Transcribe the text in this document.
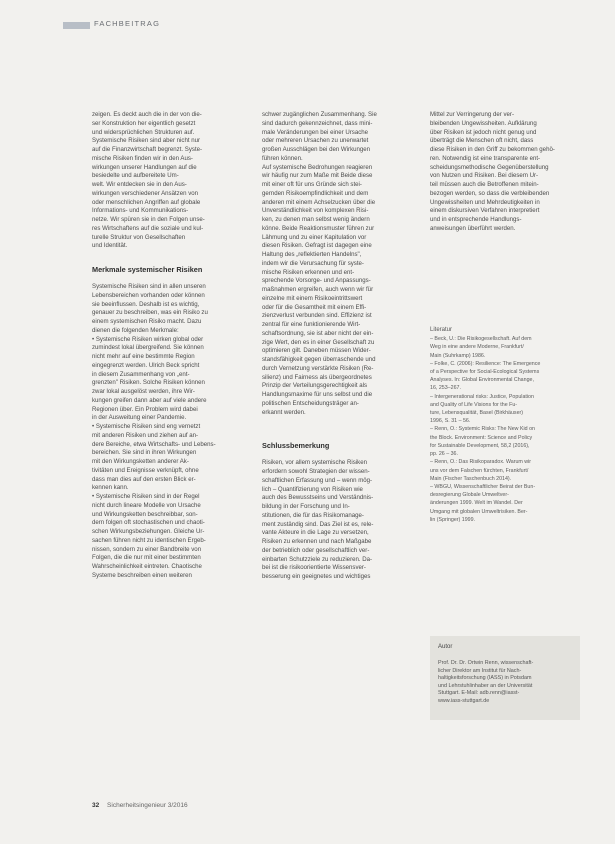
FACHBEITRAG

zeigen. Es deckt auch die in der von die-

ser Konstruktion her eigentlich gesetzt

und widersprüchlichen Strukturen auf.

Systemische Risiken sind aber nicht nur

auf die Finanzwirtschaft begrenzt. Syste-

mische Risiken finden wir in den Aus-

wirkungen unserer Handlungen auf die

besiedelte und aufbereitete Um-

welt. Wir entdecken sie in den Aus-

wirkungen verschiedener Ansätzen von

oder menschlichen Angriffen auf globale

Informations- und Kommunikations-

netze. Wir spüren sie in den Folgen unse-

res Wirtschaftens auf die soziale und kul-

turelle Struktur von Gesellschaften

und Identität.

Merkmale systemischer Risiken

Systemische Risiken sind in allen unseren

Lebensbereichen vorhanden oder können

sie beeinflussen. Deshalb ist es wichtig,

genauer zu beschreiben, was ein Risiko zu

einem systemischen Risiko macht. Dazu

dienen die folgenden Merkmale:

• Systemische Risiken wirken global oder

zumindest lokal übergreifend. Sie können

nicht mehr auf eine bestimmte Region

eingegrenzt werden. Ulrich Beck spricht

in diesem Zusammenhang von „ent-

grenzten" Risiken. Solche Risiken können

zwar lokal ausgelöst werden, ihre Wir-

kungen greifen dann aber auf viele andere

Regionen über. Ein Problem wird dabei

in der Ausweitung einer Pandemie.

• Systemische Risiken sind eng vernetzt

mit anderen Risiken und ziehen auf an-

dere Bereiche, etwa Wirtschafts- und Lebens-

bereichen. Sie sind in ihren Wirkungen

mit den Wirkungsketten anderer Ak-

tivitäten und Ereignisse verknüpft, ohne

dass man dies auf den ersten Blick er-

kennen kann.

• Systemische Risiken sind in der Regel

nicht durch lineare Modelle von Ursache

und Wirkungsketten beschreibbar, son-

dern folgen oft stochastischen und chaoti-

schen Wirkungsbeziehungen. Gleiche Ur-

sachen führen nicht zu identischen Ergeb-

nissen, sondern zu einer Bandbreite von

Folgen, die die nur mit einer bestimmten

Wahrscheinlichkeit eintreten. Chaotische

Systeme beschreiben einen weiteren

schwer zugänglichen Zusammenhang. Sie

sind dadurch gekennzeichnet, dass mini-

male Veränderungen bei einer Ursache

oder mehreren Ursachen zu unerwartet

großen Ausschlägen bei den Wirkungen

führen können.

Auf systemische Bedrohungen reagieren

wir häufig nur zum Maße mit Beide diese

mit einer oft für uns Gründe sich stei-

gernden Risikoempfindlichkeit und dem

anderen mit einem Achselzucken über die

Unverständlichkeit von komplexen Risi-

ken, zu denen man selbst wenig ändern

könne. Beide Reaktionsmuster führen zur

Lähmung und zu einer Kapitulation vor

diesen Risiken. Gefragt ist dagegen eine

Haltung des „reflektierten Handelns",

indem wir die Verursachung für syste-

mische Risiken erkennen und ent-

sprechende Vorsorge- und Anpassungs-

maßnahmen ergreifen, auch wenn wir für

einzelne mit einem Risikoeintrittswert

oder für die Gesamtheit mit einem Effi-

zienzverlust verbunden sind. Effizienz ist

zentral für eine funktionierende Wirt-

schaftsordnung, sie ist aber nicht der ein-

zige Wert, den es in einer Gesellschaft zu

optimieren gilt. Daneben müssen Wider-

standsfähigkeit gegen überraschende und

durch Vernetzung verstärkte Risiken (Re-

silienz) und Fairness als übergeordnetes

Prinzip der Verteilungsgerechtigkeit als

Handlungsmaxime für uns selbst und die

politischen Entscheidungsträger an-

erkannt werden.

Schlussbemerkung

Risiken, vor allem systemische Risiken

erfordern sowohl Strategien der wissen-

schaftlichen Erfassung und – wenn mög-

lich – Quantifizierung von Risiken wie

auch des Bewusstseins und Verständnis-

bildung in der Forschung und In-

stitutionen, die für das Risikomanage-

ment zuständig sind. Das Ziel ist es, rele-

vante Akteure in die Lage zu versetzen,

Risiken zu erkennen und nach Maßgabe

der betrieblich oder gesellschaftlich ver-

einbarten Schutzziele zu reduzieren. Da-

bei ist die risikoorientierte Wissensver-

besserung ein geeignetes und wichtiges

Mittel zur Verringerung der ver-

bleibenden Ungewissheiten. Aufklärung

über Risiken ist jedoch nicht genug und

überträgt die Menschen oft nicht, dass

diese Risiken in den Griff zu bekommen gehö-

ren. Notwendig ist eine transparente ent-

scheidungsmethodische Gegenüberstellung

von Nutzen und Risiken. Bei diesem Ur-

teil müssen auch die Betroffenen mitein-

bezogen werden, so dass die verbleibenden

Ungewissheiten und Mehrdeutigkeiten in

einem diskursiven Verfahren interpretiert

und in entsprechende Handlungs-

anweisungen überführt werden.

Literatur

– Beck, U.: Die Risikogesellschaft. Auf dem

Weg in eine andere Moderne, Frankfurt/

Main (Suhrkamp) 1986.

– Folke, C. (2006): Resilience: The Emergence

of a Perspective for Social-Ecological Systems

Analyses. In: Global Environmental Change,

16, 253–267.

– Intergenerational risks: Justice, Population

and Quality of Life Visions for the Fu-

ture, Lebensqualität, Basel (Birkhäuser)

1996, S. 31 – 56.

– Renn, O.: Systemic Risks: The New Kid on

the Block. Environment: Science and Policy

for Sustainable Development, 58,2 (2016),

pp. 26 – 36.

– Renn, O.: Das Risikoparadox. Warum wir

uns vor dem Falschen fürchten, Frankfurt/

Main (Fischer Taschenbuch 2014).

– WBGU, Wissenschaftlicher Beirat der Bun-

desregierung Globale Umweltver-

änderungen 1999. Welt im Wandel. Der

Umgang mit globalen Umweltrisiken. Ber-

lin (Springer) 1999.

Autor
Prof. Dr. Dr. Ortwin Renn, wissenschaft-
licher Direktor am Institut für Nach-
haltigkeitsforschung (IASS) in Potsdam
und Lehrstuhlinhaber an der Universität
Stuttgart. E-Mail: adb.renn@iasst-
www.iass-stuttgart.de
32 Sicherheitsingenieur 3/2016
